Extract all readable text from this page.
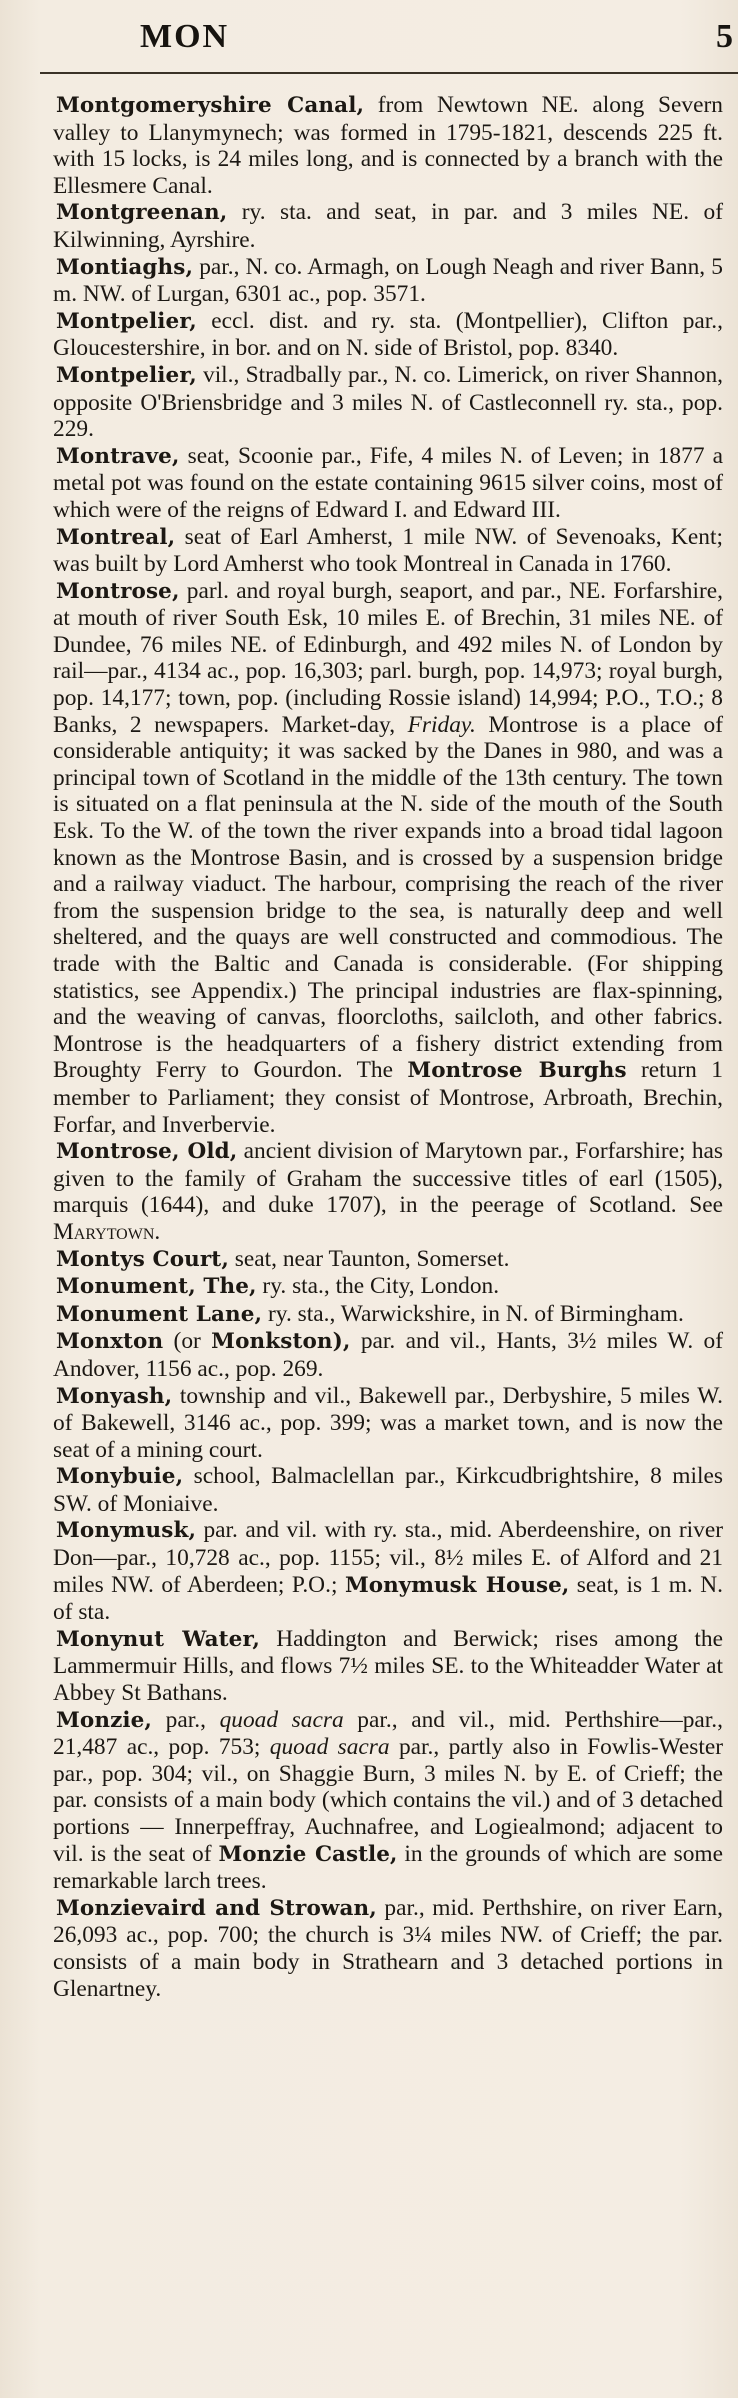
MON	5

Montgomeryshire Canal, from Newtown NE. along Severn valley to Llanymynech; was formed in 1795-1821, descends 225 ft. with 15 locks, is 24 miles long, and is connected by a branch with the Ellesmere Canal.

Montgreenan, ry. sta. and seat, in par. and 3 miles NE. of Kilwinning, Ayrshire.

Montiaghs, par., N. co. Armagh, on Lough Neagh and river Bann, 5 m. NW. of Lurgan, 6301 ac., pop. 3571.

Montpelier, eccl. dist. and ry. sta. (Montpellier), Clifton par., Gloucestershire, in bor. and on N. side of Bristol, pop. 8340.

Montpelier, vil., Stradbally par., N. co. Limerick, on river Shannon, opposite O'Briensbridge and 3 miles N. of Castleconnell ry. sta., pop. 229.

Montrave, seat, Scoonie par., Fife, 4 miles N. of Leven; in 1877 a metal pot was found on the estate containing 9615 silver coins, most of which were of the reigns of Edward I. and Edward III.

Montreal, seat of Earl Amherst, 1 mile NW. of Sevenoaks, Kent; was built by Lord Amherst who took Montreal in Canada in 1760.

Montrose, parl. and royal burgh, seaport, and par., NE. Forfarshire, at mouth of river South Esk, 10 miles E. of Brechin, 31 miles NE. of Dundee, 76 miles NE. of Edinburgh, and 492 miles N. of London by rail—par., 4134 ac., pop. 16,303; parl. burgh, pop. 14,973; royal burgh, pop. 14,177; town, pop. (including Rossie island) 14,994; P.O., T.O.; 8 Banks, 2 newspapers. Market-day, Friday. Montrose is a place of considerable antiquity; it was sacked by the Danes in 980, and was a principal town of Scotland in the middle of the 13th century. The town is situated on a flat peninsula at the N. side of the mouth of the South Esk. To the W. of the town the river expands into a broad tidal lagoon known as the Montrose Basin, and is crossed by a suspension bridge and a railway viaduct. The harbour, comprising the reach of the river from the suspension bridge to the sea, is naturally deep and well sheltered, and the quays are well constructed and commodious. The trade with the Baltic and Canada is considerable. (For shipping statistics, see Appendix.) The principal industries are flax-spinning, and the weaving of canvas, floorcloths, sailcloth, and other fabrics. Montrose is the headquarters of a fishery district extending from Broughty Ferry to Gourdon. The Montrose Burghs return 1 member to Parliament; they consist of Montrose, Arbroath, Brechin, Forfar, and Inverbervie.

Montrose, Old, ancient division of Marytown par., Forfarshire; has given to the family of Graham the successive titles of earl (1505), marquis (1644), and duke 1707), in the peerage of Scotland. See Marytown.

Montys Court, seat, near Taunton, Somerset.

Monument, The, ry. sta., the City, London.

Monument Lane, ry. sta., Warwickshire, in N. of Birmingham.

Monxton (or Monkston), par. and vil., Hants, 3½ miles W. of Andover, 1156 ac., pop. 269.

Monyash, township and vil., Bakewell par., Derbyshire, 5 miles W. of Bakewell, 3146 ac., pop. 399; was a market town, and is now the seat of a mining court.

Monybuie, school, Balmaclellan par., Kirkcudbrightshire, 8 miles SW. of Moniaive.

Monymusk, par. and vil. with ry. sta., mid. Aberdeenshire, on river Don—par., 10,728 ac., pop. 1155; vil., 8½ miles E. of Alford and 21 miles NW. of Aberdeen; P.O.; Monymusk House, seat, is 1 m. N. of sta.

Monynut Water, Haddington and Berwick; rises among the Lammermuir Hills, and flows 7½ miles SE. to the Whiteadder Water at Abbey St Bathans.

Monzie, par., quoad sacra par., and vil., mid. Perthshire—par., 21,487 ac., pop. 753; quoad sacra par., partly also in Fowlis-Wester par., pop. 304; vil., on Shaggie Burn, 3 miles N. by E. of Crieff; the par. consists of a main body (which contains the vil.) and of 3 detached portions — Innerpeffray, Auchnafree, and Logiealmond; adjacent to vil. is the seat of Monzie Castle, in the grounds of which are some remarkable larch trees.

Monzievaird and Strowan, par., mid. Perthshire, on river Earn, 26,093 ac., pop. 700; the church is 3¼ miles NW. of Crieff; the par. consists of a main body in Strathearn and 3 detached portions in Glenartney.
